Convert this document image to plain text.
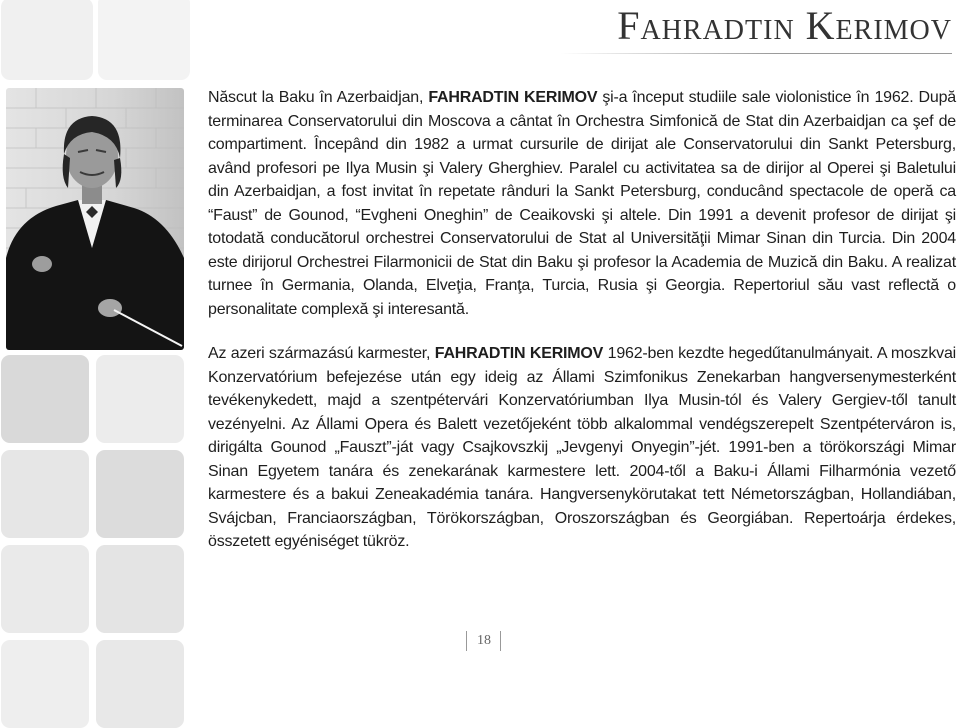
Fahradtin Kerimov

Născut la Baku în Azerbaidjan, FAHRADTIN KERIMOV şi-a început studiile sale violonistice în 1962. După terminarea Conservatorului din Moscova a cântat în Orchestra Simfonică de Stat din Azerbaidjan ca şef de compartiment. Începând din 1982 a urmat cursurile de dirijat ale Conservatorului din Sankt Petersburg, având profesori pe Ilya Musin şi Valery Gherghiev. Paralel cu activitatea sa de dirijor al Operei şi Baletului din Azerbaidjan, a fost invitat în repetate rânduri la Sankt Petersburg, conducând spectacole de operă ca “Faust” de Gounod, “Evgheni Oneghin” de Ceaikovski şi altele. Din 1991 a devenit profesor de dirijat şi totodată conducătorul orchestrei Conservatorului de Stat al Universităţii Mimar Sinan din Turcia. Din 2004 este dirijorul Orchestrei Filarmonicii de Stat din Baku şi profesor la Academia de Muzică din Baku. A realizat turnee în Germania, Olanda, Elveţia, Franţa, Turcia, Rusia şi Georgia. Repertoriul său vast reflectă o personalitate complexă şi interesantă.

Az azeri származású karmester, FAHRADTIN KERIMOV 1962-ben kezdte hegedűtanulmányait. A moszkvai Konzervatórium befejezése után egy ideig az Állami Szimfonikus Zenekarban hangversenymesterként tevékenykedett, majd a szentpétervári Konzervatóriumban Ilya Musin-tól és Valery Gergiev-től tanult vezényelni. Az Állami Opera és Balett vezetőjeként több alkalommal vendégszerepelt Szentpéterváron is, dirigálta Gounod „Fauszt”-ját vagy Csajkovszkij „Jevgenyi Onyegin”-jét. 1991-ben a törökországi Mimar Sinan Egyetem tanára és zenekarának karmestere lett. 2004-től a Baku-i Állami Filharmónia vezető karmestere és a bakui Zeneakadémia tanára. Hangversenykörutakat tett Németországban, Hollandiában, Svájcban, Franciaországban, Törökországban, Oroszországban és Georgiában. Repertoárja érdekes, összetett egyéniséget tükröz.

18
